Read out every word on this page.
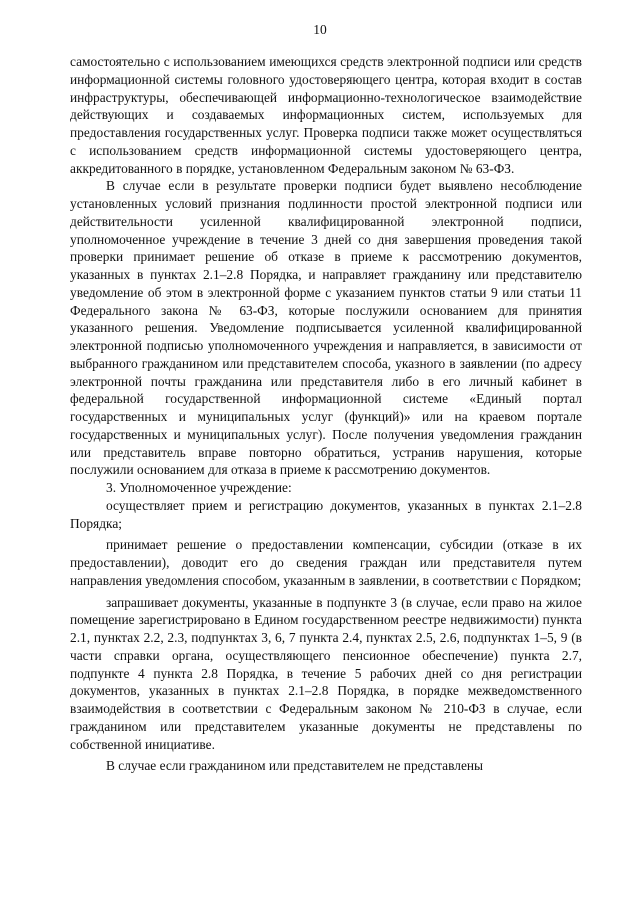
10

самостоятельно с использованием имеющихся средств электронной подписи или средств информационной системы головного удостоверяющего центра, которая входит в состав инфраструктуры, обеспечивающей информационно-технологическое взаимодействие действующих и создаваемых информационных систем, используемых для предоставления государственных услуг. Проверка подписи также может осуществляться с использованием средств информационной системы удостоверяющего центра, аккредитованного в порядке, установленном Федеральным законом № 63-ФЗ.

В случае если в результате проверки подписи будет выявлено несоблюдение установленных условий признания подлинности простой электронной подписи или действительности усиленной квалифицированной электронной подписи, уполномоченное учреждение в течение 3 дней со дня завершения проведения такой проверки принимает решение об отказе в приеме к рассмотрению документов, указанных в пунктах 2.1–2.8 Порядка, и направляет гражданину или представителю уведомление об этом в электронной форме с указанием пунктов статьи 9 или статьи 11 Федерального закона № 63-ФЗ, которые послужили основанием для принятия указанного решения. Уведомление подписывается усиленной квалифицированной электронной подписью уполномоченного учреждения и направляется, в зависимости от выбранного гражданином или представителем способа, указного в заявлении (по адресу электронной почты гражданина или представителя либо в его личный кабинет в федеральной государственной информационной системе «Единый портал государственных и муниципальных услуг (функций)» или на краевом портале государственных и муниципальных услуг). После получения уведомления гражданин или представитель вправе повторно обратиться, устранив нарушения, которые послужили основанием для отказа в приеме к рассмотрению документов.

3. Уполномоченное учреждение:

осуществляет прием и регистрацию документов, указанных в пунктах 2.1–2.8 Порядка;

принимает решение о предоставлении компенсации, субсидии (отказе в их предоставлении), доводит его до сведения граждан или представителя путем направления уведомления способом, указанным в заявлении, в соответствии с Порядком;

запрашивает документы, указанные в подпункте 3 (в случае, если право на жилое помещение зарегистрировано в Едином государственном реестре недвижимости) пункта 2.1, пунктах 2.2, 2.3, подпунктах 3, 6, 7 пункта 2.4, пунктах 2.5, 2.6, подпунктах 1–5, 9 (в части справки органа, осуществляющего пенсионное обеспечение) пункта 2.7, подпункте 4 пункта 2.8 Порядка, в течение 5 рабочих дней со дня регистрации документов, указанных в пунктах 2.1–2.8 Порядка, в порядке межведомственного взаимодействия в соответствии с Федеральным законом № 210-ФЗ в случае, если гражданином или представителем указанные документы не представлены по собственной инициативе.

В случае если гражданином или представителем не представлены
